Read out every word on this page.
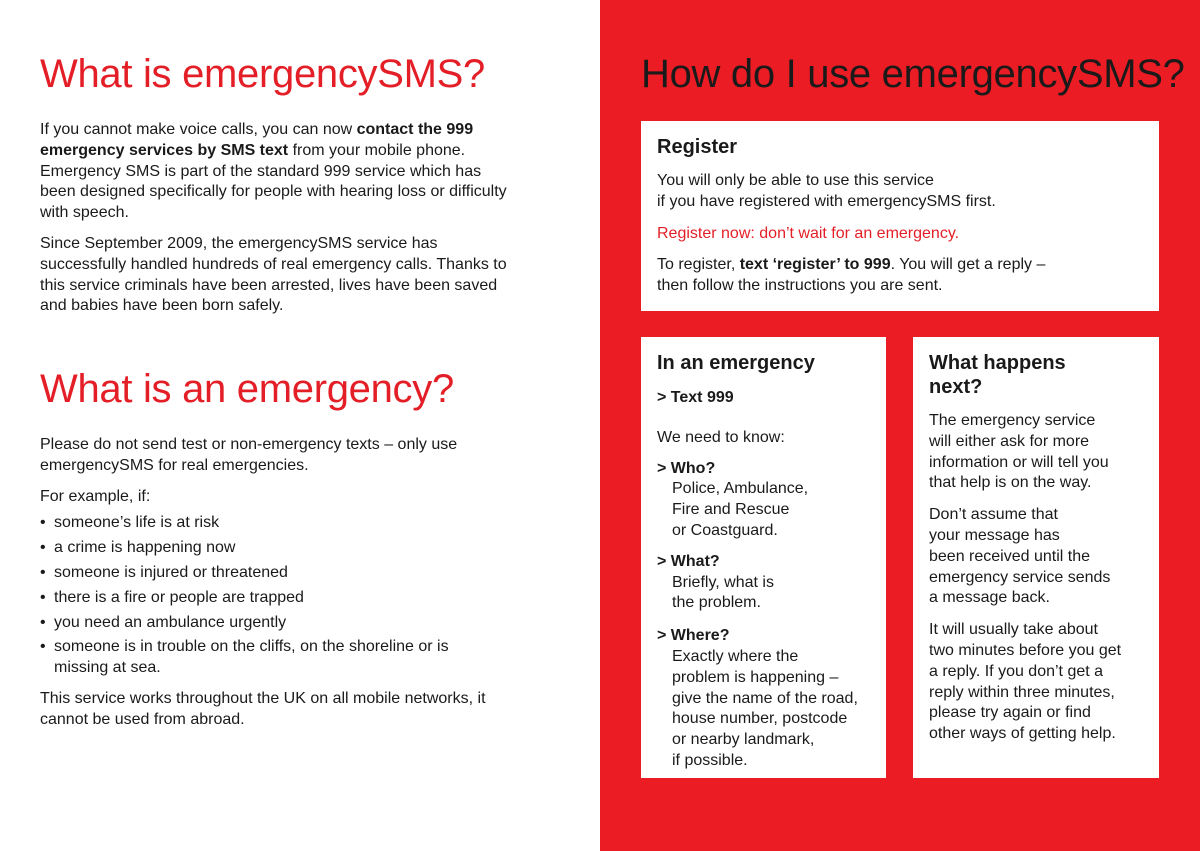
What is emergencySMS?

If you cannot make voice calls, you can now contact the 999 emergency services by SMS text from your mobile phone. Emergency SMS is part of the standard 999 service which has been designed specifically for people with hearing loss or difficulty with speech.

Since September 2009, the emergencySMS service has successfully handled hundreds of real emergency calls. Thanks to this service criminals have been arrested, lives have been saved and babies have been born safely.

What is an emergency?

Please do not send test or non-emergency texts – only use emergencySMS for real emergencies.

For example, if:

• someone’s life is at risk
• a crime is happening now
• someone is injured or threatened
• there is a fire or people are trapped
• you need an ambulance urgently
• someone is in trouble on the cliffs, on the shoreline or is missing at sea.

This service works throughout the UK on all mobile networks, it cannot be used from abroad.

How do I use emergencySMS?
Register

You will only be able to use this service

if you have registered with emergencySMS first.

Register now: don’t wait for an emergency.

To register, text ‘register’ to 999. You will get a reply –

then follow the instructions you are sent.

In an emergency

> Text 999

We need to know:

> Who?
Police, Ambulance,
Fire and Rescue
or Coastguard.
> What?
Briefly, what is
the problem.
> Where?
Exactly where the
problem is happening –
give the name of the road,
house number, postcode
or nearby landmark,
if possible.
What happens
next?

The emergency service

will either ask for more

information or will tell you

that help is on the way.

Don’t assume that

your message has

been received until the

emergency service sends

a message back.

It will usually take about

two minutes before you get

a reply. If you don’t get a

reply within three minutes,

please try again or find

other ways of getting help.
